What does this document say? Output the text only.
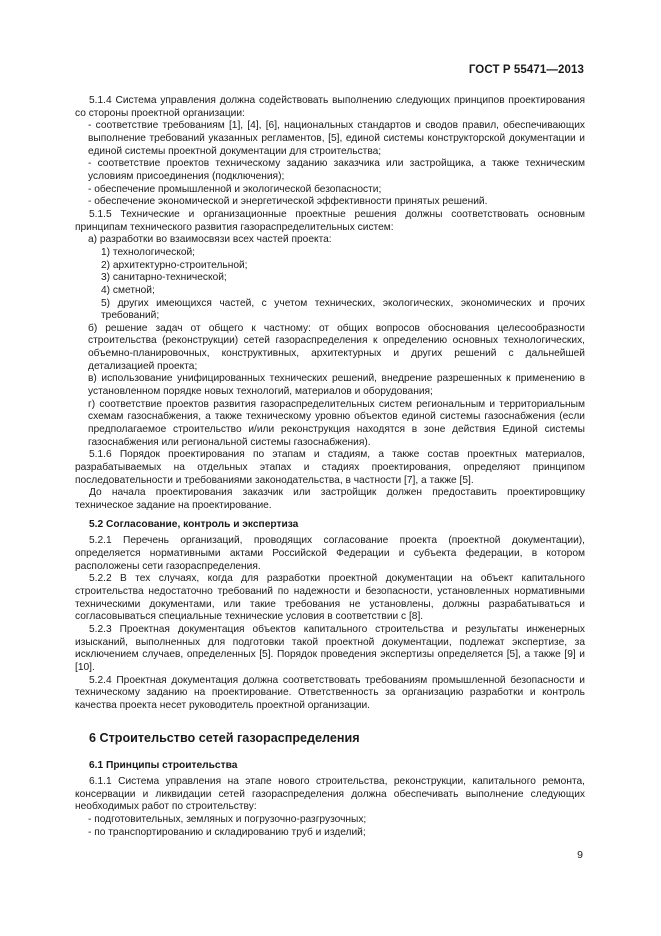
ГОСТ Р 55471—2013

5.1.4 Система управления должна содействовать выполнению следующих принципов проектирования со стороны проектной организации:

- соответствие требованиям [1], [4], [6], национальных стандартов и сводов правил, обеспечивающих выполнение требований указанных регламентов, [5], единой системы конструкторской документации и единой системы проектной документации для строительства;

- соответствие проектов техническому заданию заказчика или застройщика, а также техническим условиям присоединения (подключения);

- обеспечение промышленной и экологической безопасности;

- обеспечение экономической и энергетической эффективности принятых решений.

5.1.5 Технические и организационные проектные решения должны соответствовать основным принципам технического развития газораспределительных систем:

а) разработки во взаимосвязи всех частей проекта:

1) технологической;

2) архитектурно-строительной;

3) санитарно-технической;

4) сметной;

5) других имеющихся частей, с учетом технических, экологических, экономических и прочих требований;

б) решение задач от общего к частному: от общих вопросов обоснования целесообразности строительства (реконструкции) сетей газораспределения к определению основных технологических, объемно-планировочных, конструктивных, архитектурных и других решений с дальнейшей детализацией проекта;

в) использование унифицированных технических решений, внедрение разрешенных к применению в установленном порядке новых технологий, материалов и оборудования;

г) соответствие проектов развития газораспределительных систем региональным и территориальным схемам газоснабжения, а также техническому уровню объектов единой системы газоснабжения (если предполагаемое строительство и/или реконструкция находятся в зоне действия Единой системы газоснабжения или региональной системы газоснабжения).

5.1.6 Порядок проектирования по этапам и стадиям, а также состав проектных материалов, разрабатываемых на отдельных этапах и стадиях проектирования, определяют принципом последовательности и требованиями законодательства, в частности [7], а также [5].

До начала проектирования заказчик или застройщик должен предоставить проектировщику техническое задание на проектирование.

5.2 Согласование, контроль и экспертиза

5.2.1 Перечень организаций, проводящих согласование проекта (проектной документации), определяется нормативными актами Российской Федерации и субъекта федерации, в котором расположены сети газораспределения.

5.2.2 В тех случаях, когда для разработки проектной документации на объект капитального строительства недостаточно требований по надежности и безопасности, установленных нормативными техническими документами, или такие требования не установлены, должны разрабатываться и согласовываться специальные технические условия в соответствии с [8].

5.2.3 Проектная документация объектов капитального строительства и результаты инженерных изысканий, выполненных для подготовки такой проектной документации, подлежат экспертизе, за исключением случаев, определенных [5]. Порядок проведения экспертизы определяется [5], а также [9] и [10].

5.2.4 Проектная документация должна соответствовать требованиям промышленной безопасности и техническому заданию на проектирование. Ответственность за организацию разработки и контроль качества проекта несет руководитель проектной организации.

6 Строительство сетей газораспределения

6.1 Принципы строительства

6.1.1 Система управления на этапе нового строительства, реконструкции, капитального ремонта, консервации и ликвидации сетей газораспределения должна обеспечивать выполнение следующих необходимых работ по строительству:

- подготовительных, земляных и погрузочно-разгрузочных;

- по транспортированию и складированию труб и изделий;

9
